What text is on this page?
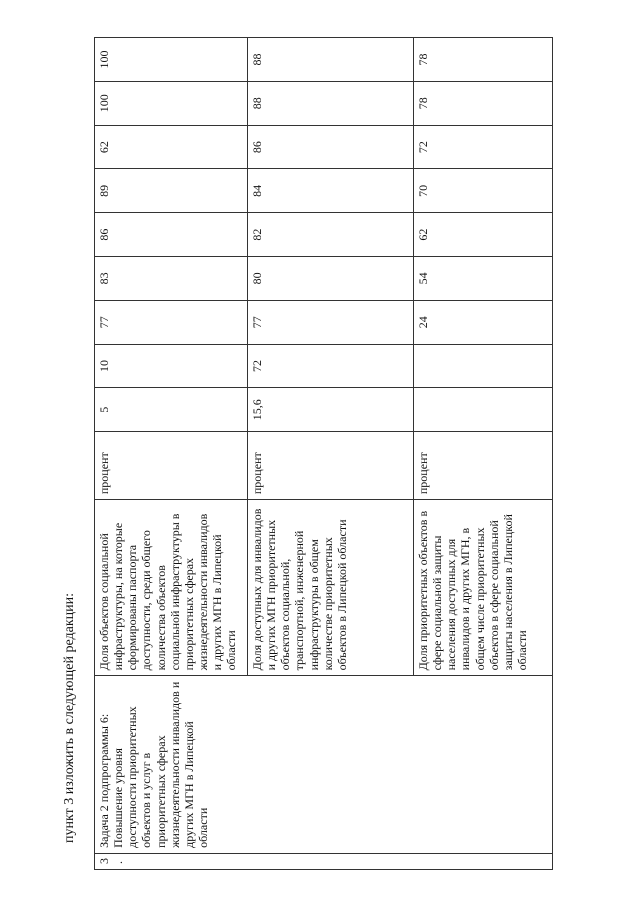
пункт 3 изложить в следующей редакции:
3.	Задача 2 подпрограммы 6: Повышение уровня доступности приоритетных объектов и услуг в приоритетных сферах жизнедеятельности инвалидов и других МГН в Липецкой области	Доля объектов социальной инфраструктуры, на которые сформированы паспорта доступности, среди общего количества объектов социальной инфраструктуры в приоритетных сферах жизнедеятельности инвалидов и других МГН в Липецкой области	процент	5	10	77	83	86	89	62	100	100
		Доля доступных для инвалидов и других МГН приоритетных объектов социальной, транспортной, инженерной инфраструктуры в общем количестве приоритетных объектов в Липецкой области	процент	15,6	72	77	80	82	84	86	88	88
		Доля приоритетных объектов в сфере социальной защиты населения доступных для инвалидов и других МГН, в общем числе приоритетных объектов в сфере социальной защиты населения в Липецкой области	процент			24	54	62	70	72	78	78
